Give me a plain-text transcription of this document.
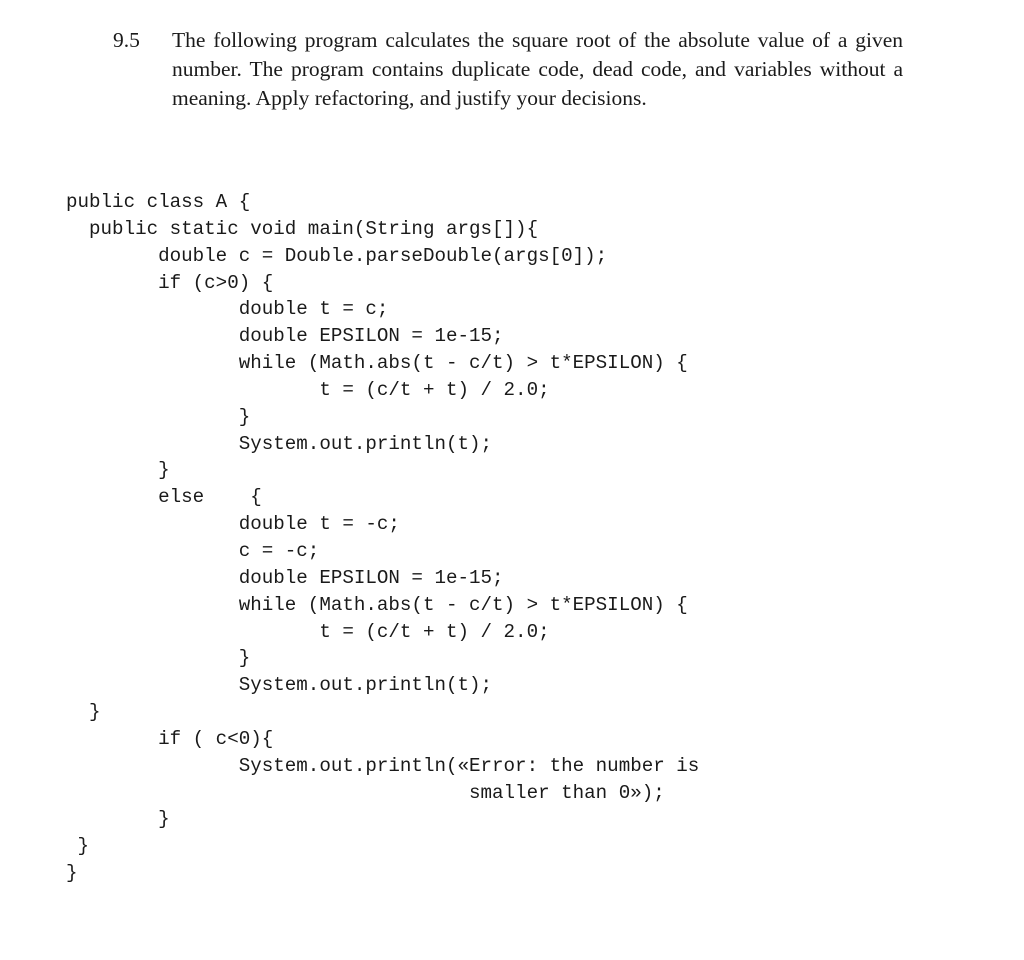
9.5 The following program calculates the square root of the absolute value of a given number. The program contains duplicate code, dead code, and variables without a meaning. Apply refactoring, and justify your decisions.
public class A {
public static void main(String args[]){
double c = Double.parseDouble(args[0]);
if (c>0) {
double t = c;
double EPSILON = 1e-15;
while (Math.abs(t - c/t) > t*EPSILON) {
t = (c/t + t) / 2.0;
}
System.out.println(t);
}
else    {
double t = -c;
c = -c;
double EPSILON = 1e-15;
while (Math.abs(t - c/t) > t*EPSILON) {
t = (c/t + t) / 2.0;
}
System.out.println(t);
}
if ( c<0){
System.out.println(«Error: the number is
smaller than 0»);
}
}
}
